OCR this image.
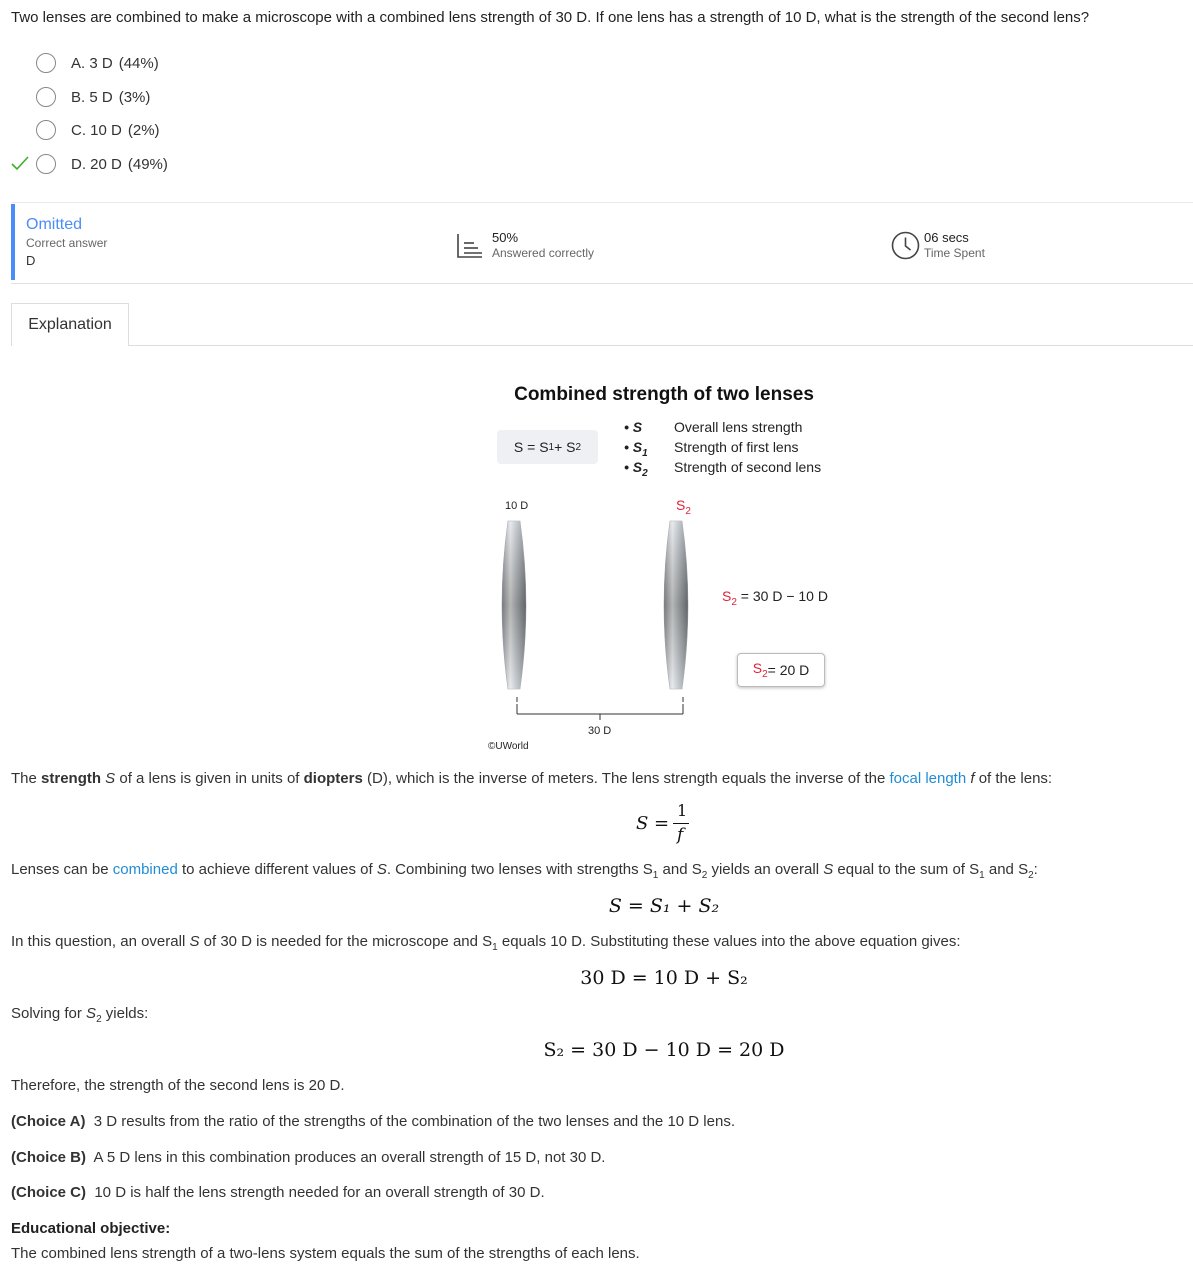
Two lenses are combined to make a microscope with a combined lens strength of 30 D. If one lens has a strength of 10 D, what is the strength of the second lens?
A. 3 D (44%)
B. 5 D (3%)
C. 10 D (2%)
D. 20 D (49%)
Omitted
Correct answer
D
50%
Answered correctly
06 secs
Time Spent
Explanation
Combined strength of two lenses
S = S 1 + S 2
• S	Overall lens strength
• $S_1$	Strength of first lens
• $S_2$	Strength of second lens
10 D	$S_2$
30 D
©UWorld
$S_2 = 30$ D − 10 D
$S_2 = 20$ D
The strength S of a lens is given in units of diopters (D), which is the inverse of meters. The lens strength equals the inverse of the focal length f of the lens:
S =
1
f
Lenses can be combined to achieve different values of S. Combining two lenses with strengths $S_1$ and $S_2$ yields an overall S equal to the sum of $S_1$ and $S_2$:
S = S₁ + S₂
In this question, an overall S of 30 D is needed for the microscope and $S_1$ equals 10 D. Substituting these values into the above equation gives:
30 D = 10 D + S₂
Solving for $S_2$ yields:
S₂ = 30 D − 10 D = 20 D
Therefore, the strength of the second lens is 20 D.
(Choice A) 3 D results from the ratio of the strengths of the combination of the two lenses and the 10 D lens.
(Choice B) A 5 D lens in this combination produces an overall strength of 15 D, not 30 D.
(Choice C) 10 D is half the lens strength needed for an overall strength of 30 D.
Educational objective:
The combined lens strength of a two-lens system equals the sum of the strengths of each lens.
